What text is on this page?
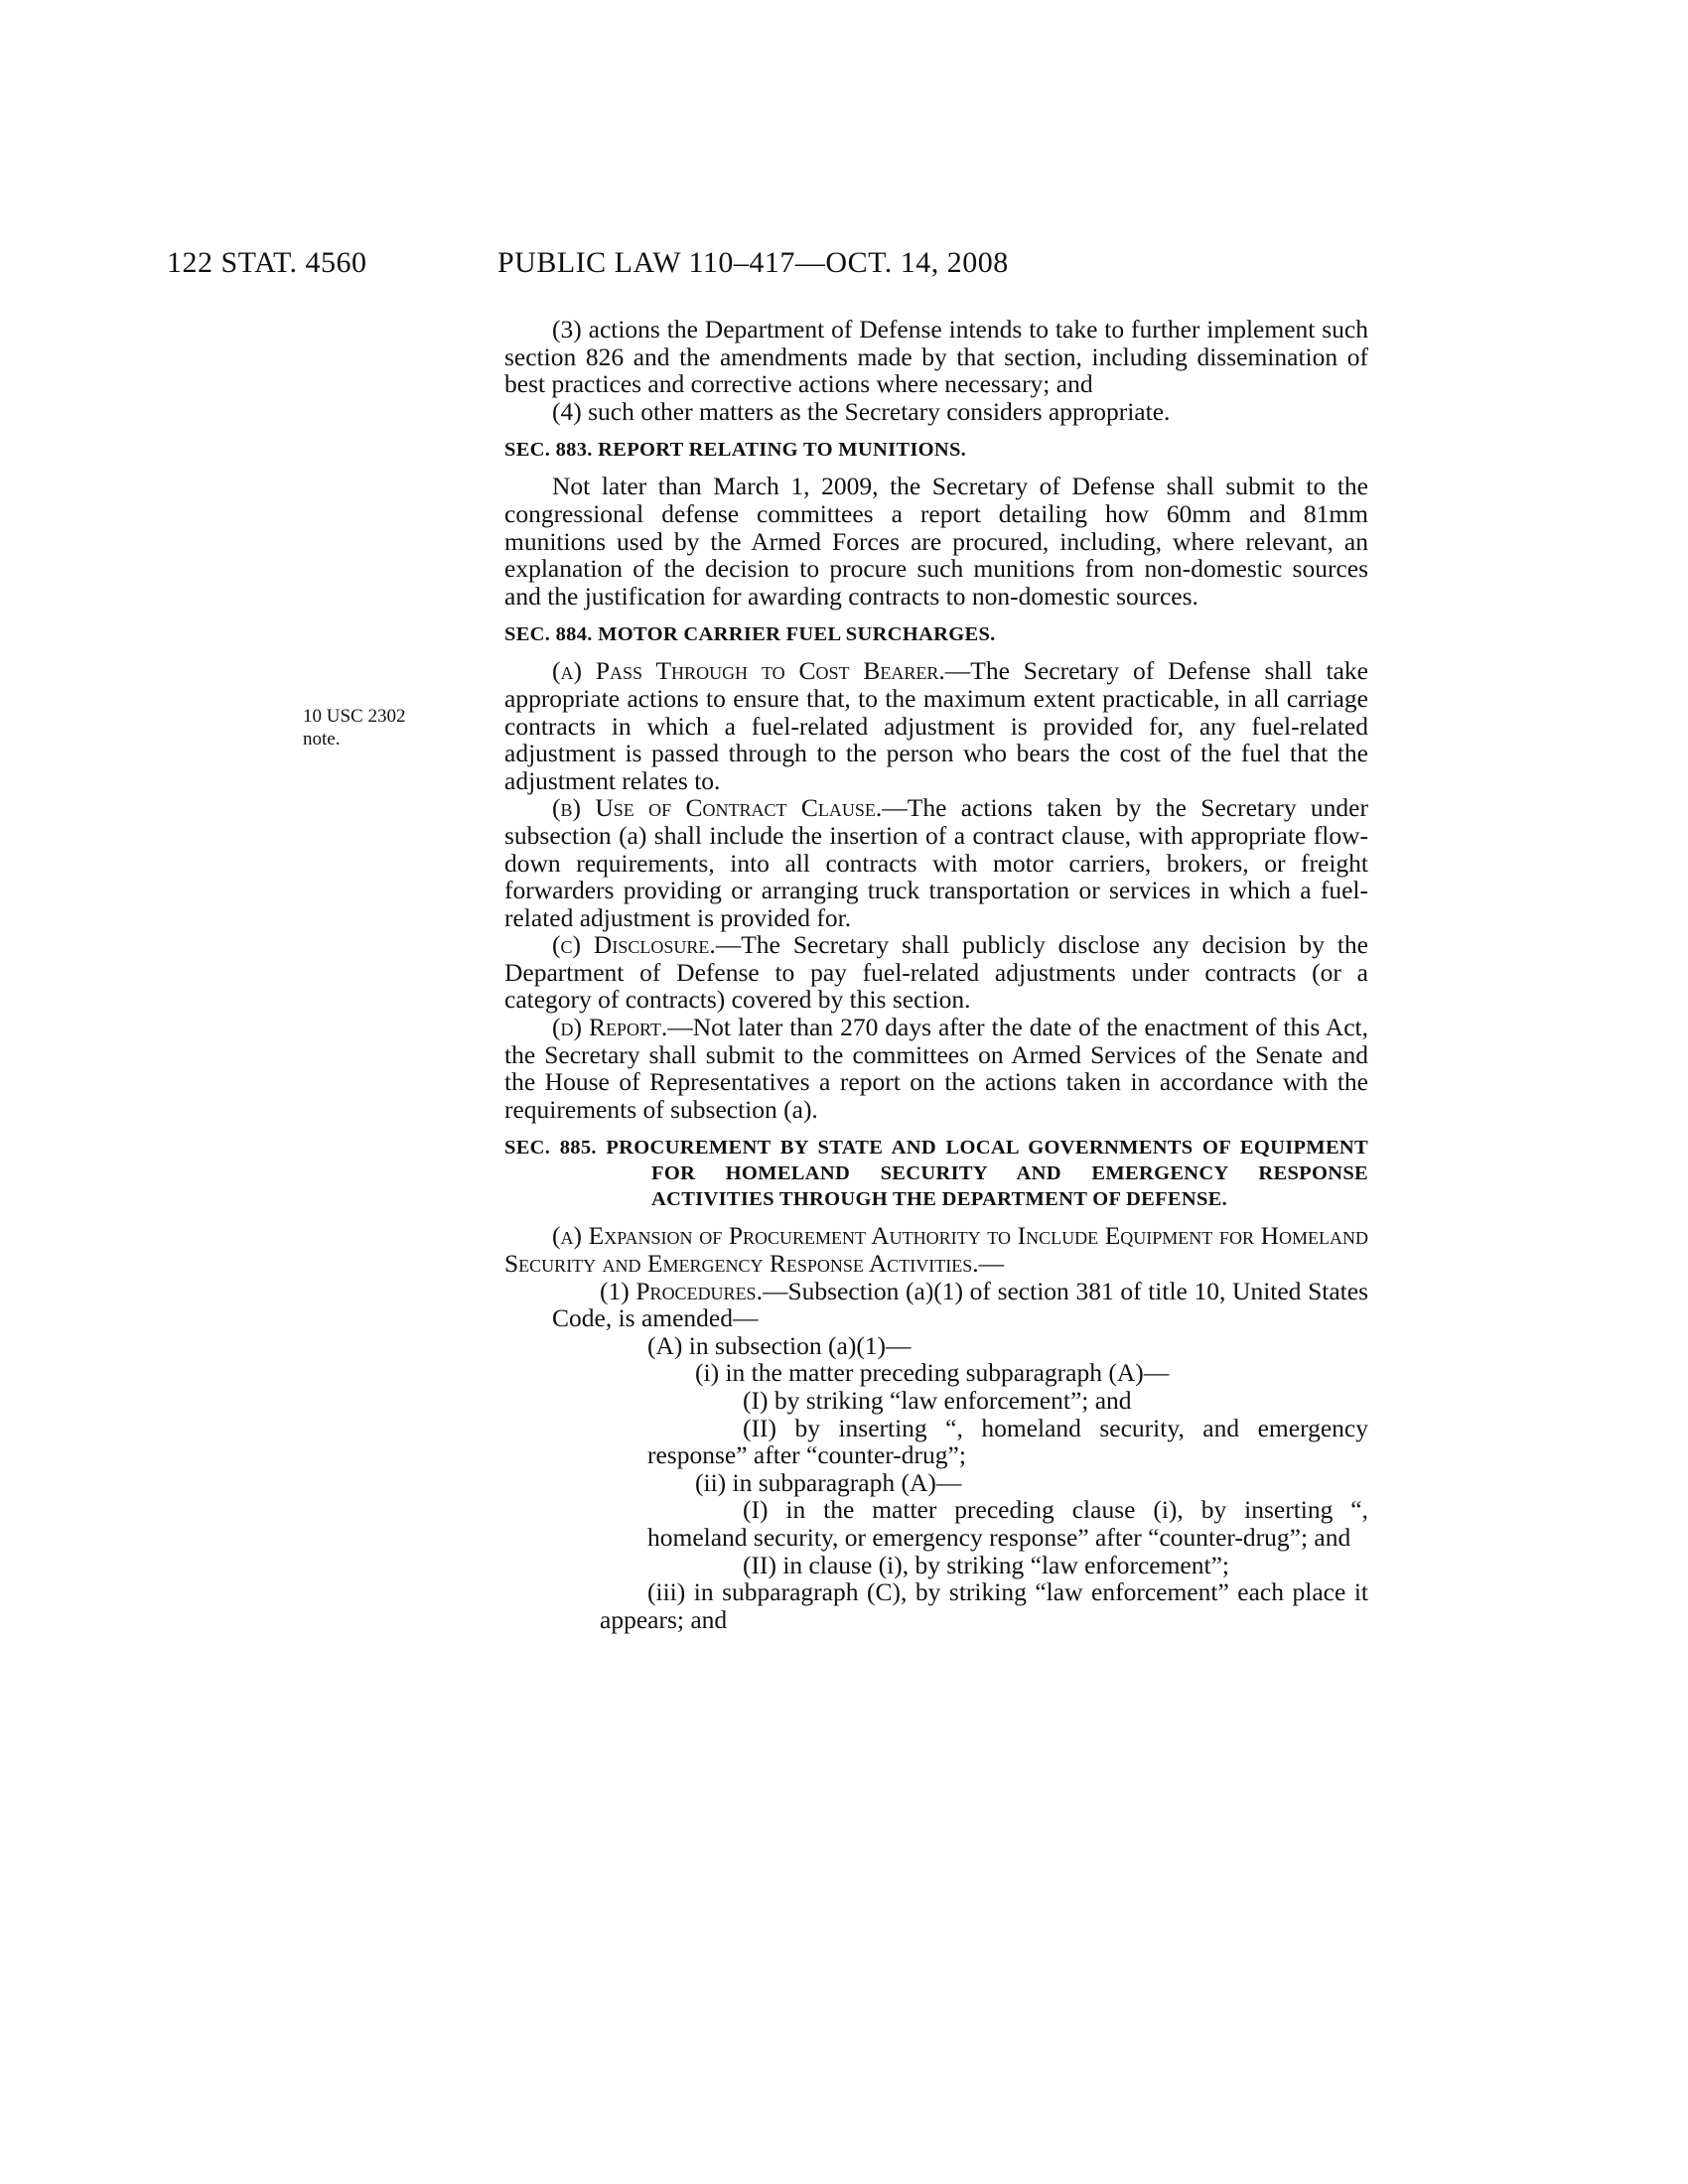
122 STAT. 4560	PUBLIC LAW 110–417—OCT. 14, 2008
10 USC 2302
note.

(3) actions the Department of Defense intends to take to further implement such section 826 and the amendments made by that section, including dissemination of best practices and corrective actions where necessary; and

(4) such other matters as the Secretary considers appropriate.

SEC. 883. REPORT RELATING TO MUNITIONS.

Not later than March 1, 2009, the Secretary of Defense shall submit to the congressional defense committees a report detailing how 60mm and 81mm munitions used by the Armed Forces are procured, including, where relevant, an explanation of the decision to procure such munitions from non-domestic sources and the justification for awarding contracts to non-domestic sources.

SEC. 884. MOTOR CARRIER FUEL SURCHARGES.

(a) Pass Through to Cost Bearer.—The Secretary of Defense shall take appropriate actions to ensure that, to the maximum extent practicable, in all carriage contracts in which a fuel-related adjustment is provided for, any fuel-related adjustment is passed through to the person who bears the cost of the fuel that the adjustment relates to.

(b) Use of Contract Clause.—The actions taken by the Secretary under subsection (a) shall include the insertion of a contract clause, with appropriate flow-down requirements, into all contracts with motor carriers, brokers, or freight forwarders providing or arranging truck transportation or services in which a fuel-related adjustment is provided for.

(c) Disclosure.—The Secretary shall publicly disclose any decision by the Department of Defense to pay fuel-related adjustments under contracts (or a category of contracts) covered by this section.

(d) Report.—Not later than 270 days after the date of the enactment of this Act, the Secretary shall submit to the committees on Armed Services of the Senate and the House of Representatives a report on the actions taken in accordance with the requirements of subsection (a).

SEC. 885. PROCUREMENT BY STATE AND LOCAL GOVERNMENTS OF EQUIPMENT FOR HOMELAND SECURITY AND EMERGENCY RESPONSE ACTIVITIES THROUGH THE DEPARTMENT OF DEFENSE.

(a) Expansion of Procurement Authority to Include Equipment for Homeland Security and Emergency Response Activities.—

(1) Procedures.—Subsection (a)(1) of section 381 of title 10, United States Code, is amended—

(A) in subsection (a)(1)—

(i) in the matter preceding subparagraph (A)—

(I) by striking “law enforcement”; and

(II) by inserting “, homeland security, and emergency response” after “counter-drug”;

(ii) in subparagraph (A)—

(I) in the matter preceding clause (i), by inserting “, homeland security, or emergency response” after “counter-drug”; and

(II) in clause (i), by striking “law enforcement”;

(iii) in subparagraph (C), by striking “law enforcement” each place it appears; and
